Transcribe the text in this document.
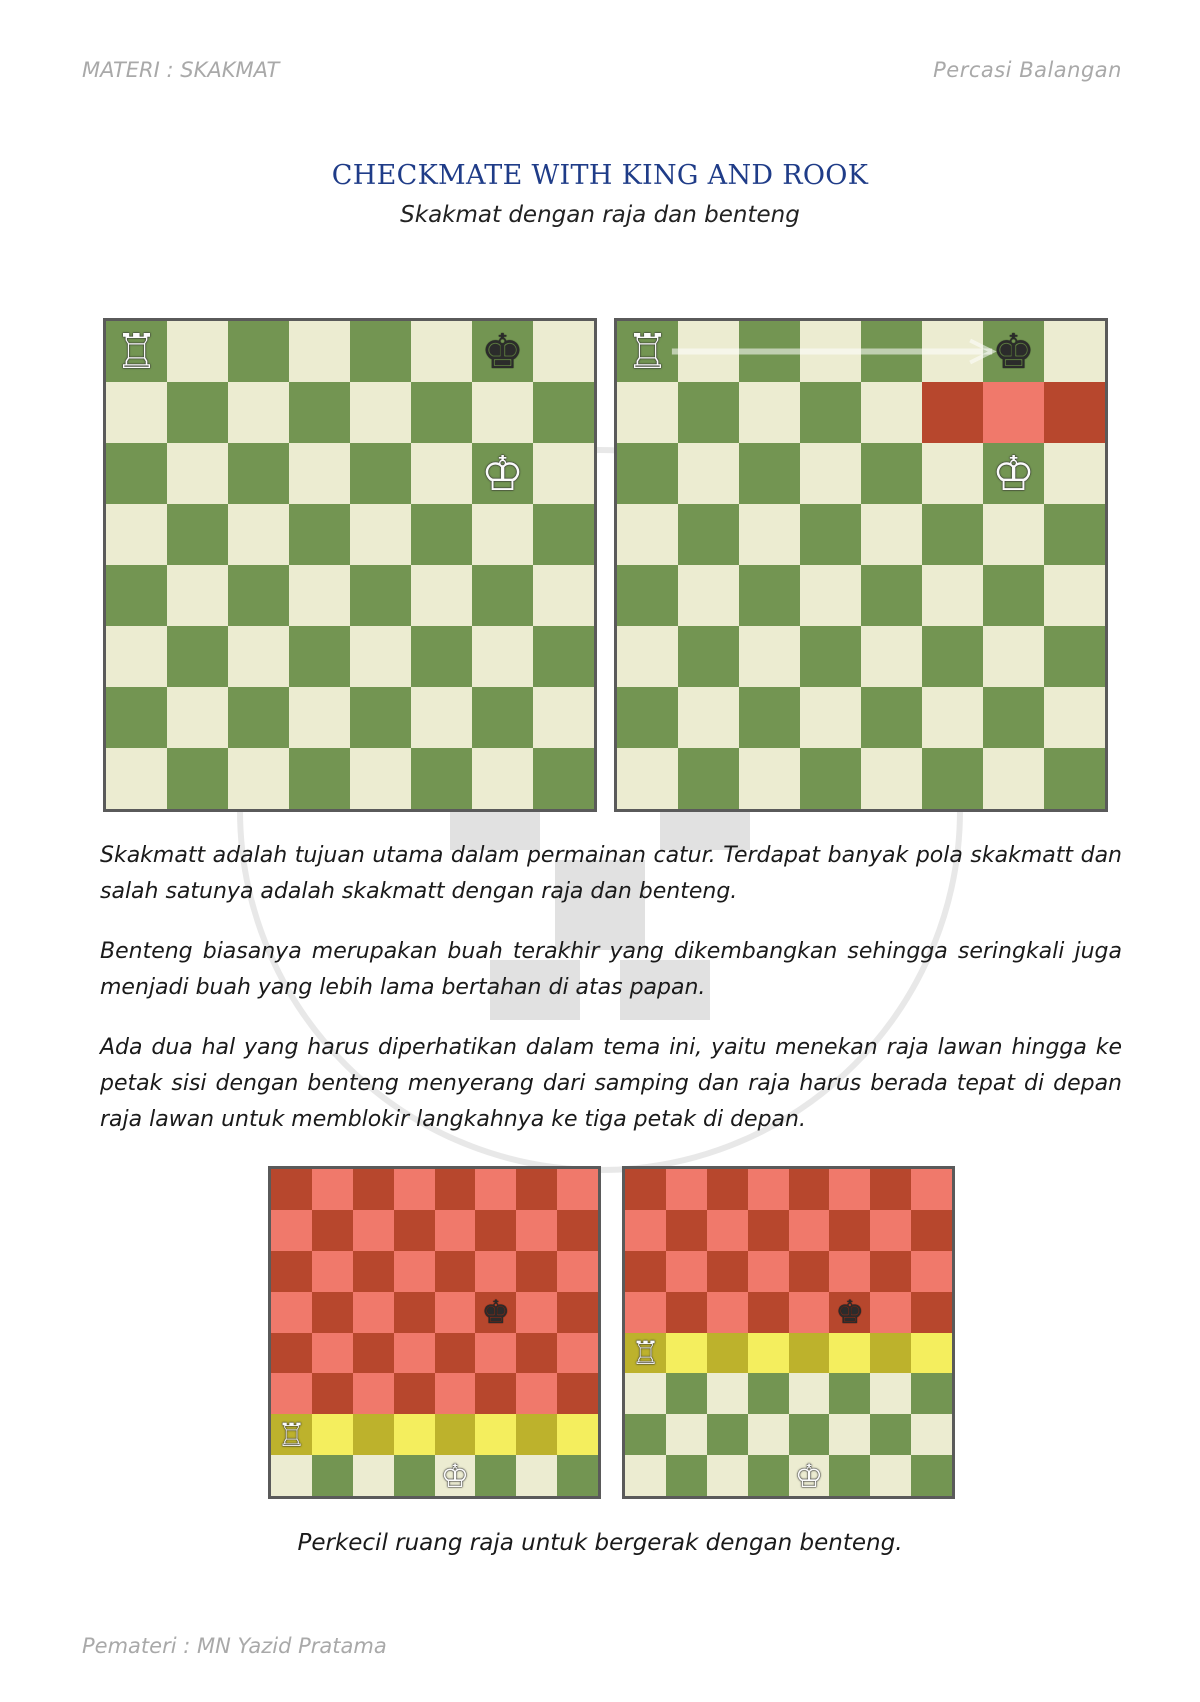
MATERI : SKAKMAT	Percasi Balangan
CHECKMATE WITH KING AND ROOK
Skakmat dengan raja dan benteng
♖	♚
♔
♖	♚
♔

Skakmatt adalah tujuan utama dalam permainan catur. Terdapat banyak pola skakmatt dan salah satunya adalah skakmatt dengan raja dan benteng.

Benteng biasanya merupakan buah terakhir yang dikembangkan sehingga seringkali juga menjadi buah yang lebih lama bertahan di atas papan.

Ada dua hal yang harus diperhatikan dalam tema ini, yaitu menekan raja lawan hingga ke petak sisi dengan benteng menyerang dari samping dan raja harus berada tepat di depan raja lawan untuk memblokir langkahnya ke tiga petak di depan.

♚
♖
♔
♚
♖
♔
Perkecil ruang raja untuk bergerak dengan benteng.
Pemateri : MN Yazid Pratama
